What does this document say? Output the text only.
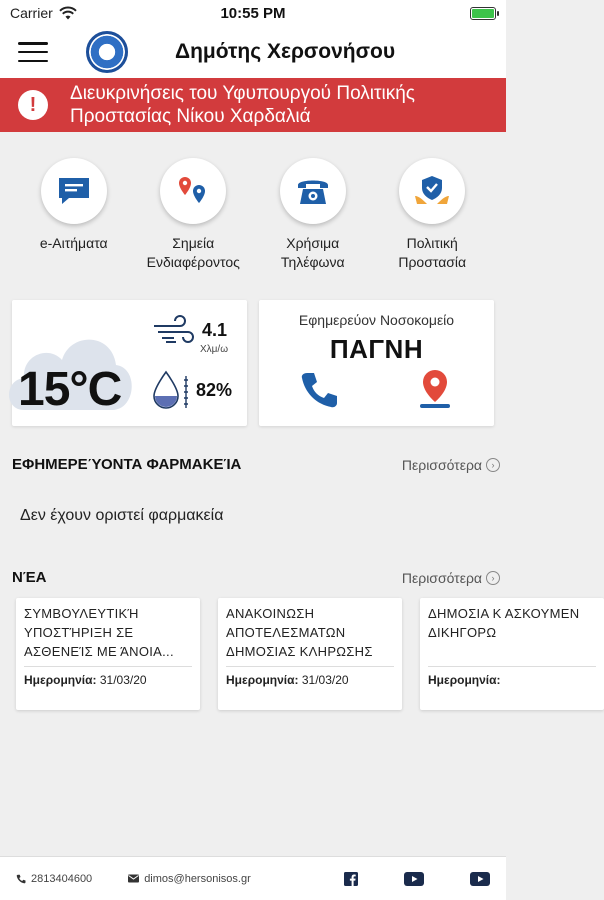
Carrier	10:55 PM
Δημότης Χερσονήσου
!	Διευκρινήσεις του Υφυπουργού Πολιτικής Προστασίας Νίκου Χαρδαλιά
e-Αιτήματα	Σημεία
Ενδιαφέροντος
Χρήσιμα
Τηλέφωνα
Πολιτική
Προστασία
15°C
4.1
Χλμ/ω
82%
Εφημερεύον Νοσοκομείο
ΠΑΓΝΗ
ΕΦΗΜΕΡΕΎΟΝΤΑ ΦΑΡΜΑΚΕΊΑ	Περισσότερα	›
Δεν έχουν οριστεί φαρμακεία
ΝΈΑ	Περισσότερα	›
ΣΥΜΒΟΥΛΕΥΤΙΚΉ ΥΠΟΣΤΉΡΙΞΗ ΣΕ ΑΣΘΕΝΕΊΣ ΜΕ ΆΝΟΙΑ...
Ημερομηνία: 31/03/20
ΑΝΑΚΟΙΝΩΣΗ ΑΠΟΤΕΛΕΣΜΑΤΩΝ ΔΗΜΟΣΙΑΣ ΚΛΗΡΩΣΗΣ
Ημερομηνία: 31/03/20
ΔΗΜΟΣΙΑ Κ ΑΣΚΟΥΜΕΝ ΔΙΚΗΓΟΡΩ
Ημερομηνία:
2813404600	dimos@hersonisos.gr
